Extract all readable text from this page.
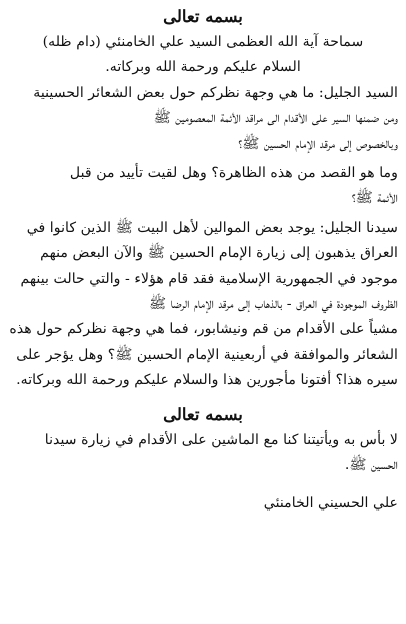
بسمه تعالى
سماحة آية الله العظمى السيد علي الخامنئي (دام ظله)
السلام عليكم ورحمة الله وبركاته.
السيد الجليل: ما هي وجهة نظركم حول بعض الشعائر الحسينية
ومن ضمنها السير على الأقدام الى مراقد الأئمة المعصومين ﷺ
وبالخصوص إلى مرقد الإمام الحسين ﷺ؟
وما هو القصد من هذه الظاهرة؟ وهل لقيت تأييد من قبل
الأئمة ﷺ؟
سيدنا الجليل: يوجد بعض الموالين لأهل البيت ﷺ الذين كانوا في
العراق يذهبون إلى زيارة الإمام الحسين ﷺ والآن البعض منهم
موجود في الجمهورية الإسلامية فقد قام هؤلاء - والتي حالت بينهم
الظروف الموجودة في العراق - بالذهاب إلى مرقد الإمام الرضا ﷺ
مشياً على الأقدام من قم ونيشابور، فما هي وجهة نظركم حول هذه
الشعائر والموافقة في أربعينية الإمام الحسين ﷺ؟ وهل يؤجر على
سيره هذا؟ أفتونا مأجورين هذا والسلام عليكم ورحمة الله وبركاته.
بسمه تعالى
لا بأس به ويأتيتنا كنا مع الماشين على الأقدام في زيارة سيدنا
الحسين ﷺ.
علي الحسيني الخامنئي
